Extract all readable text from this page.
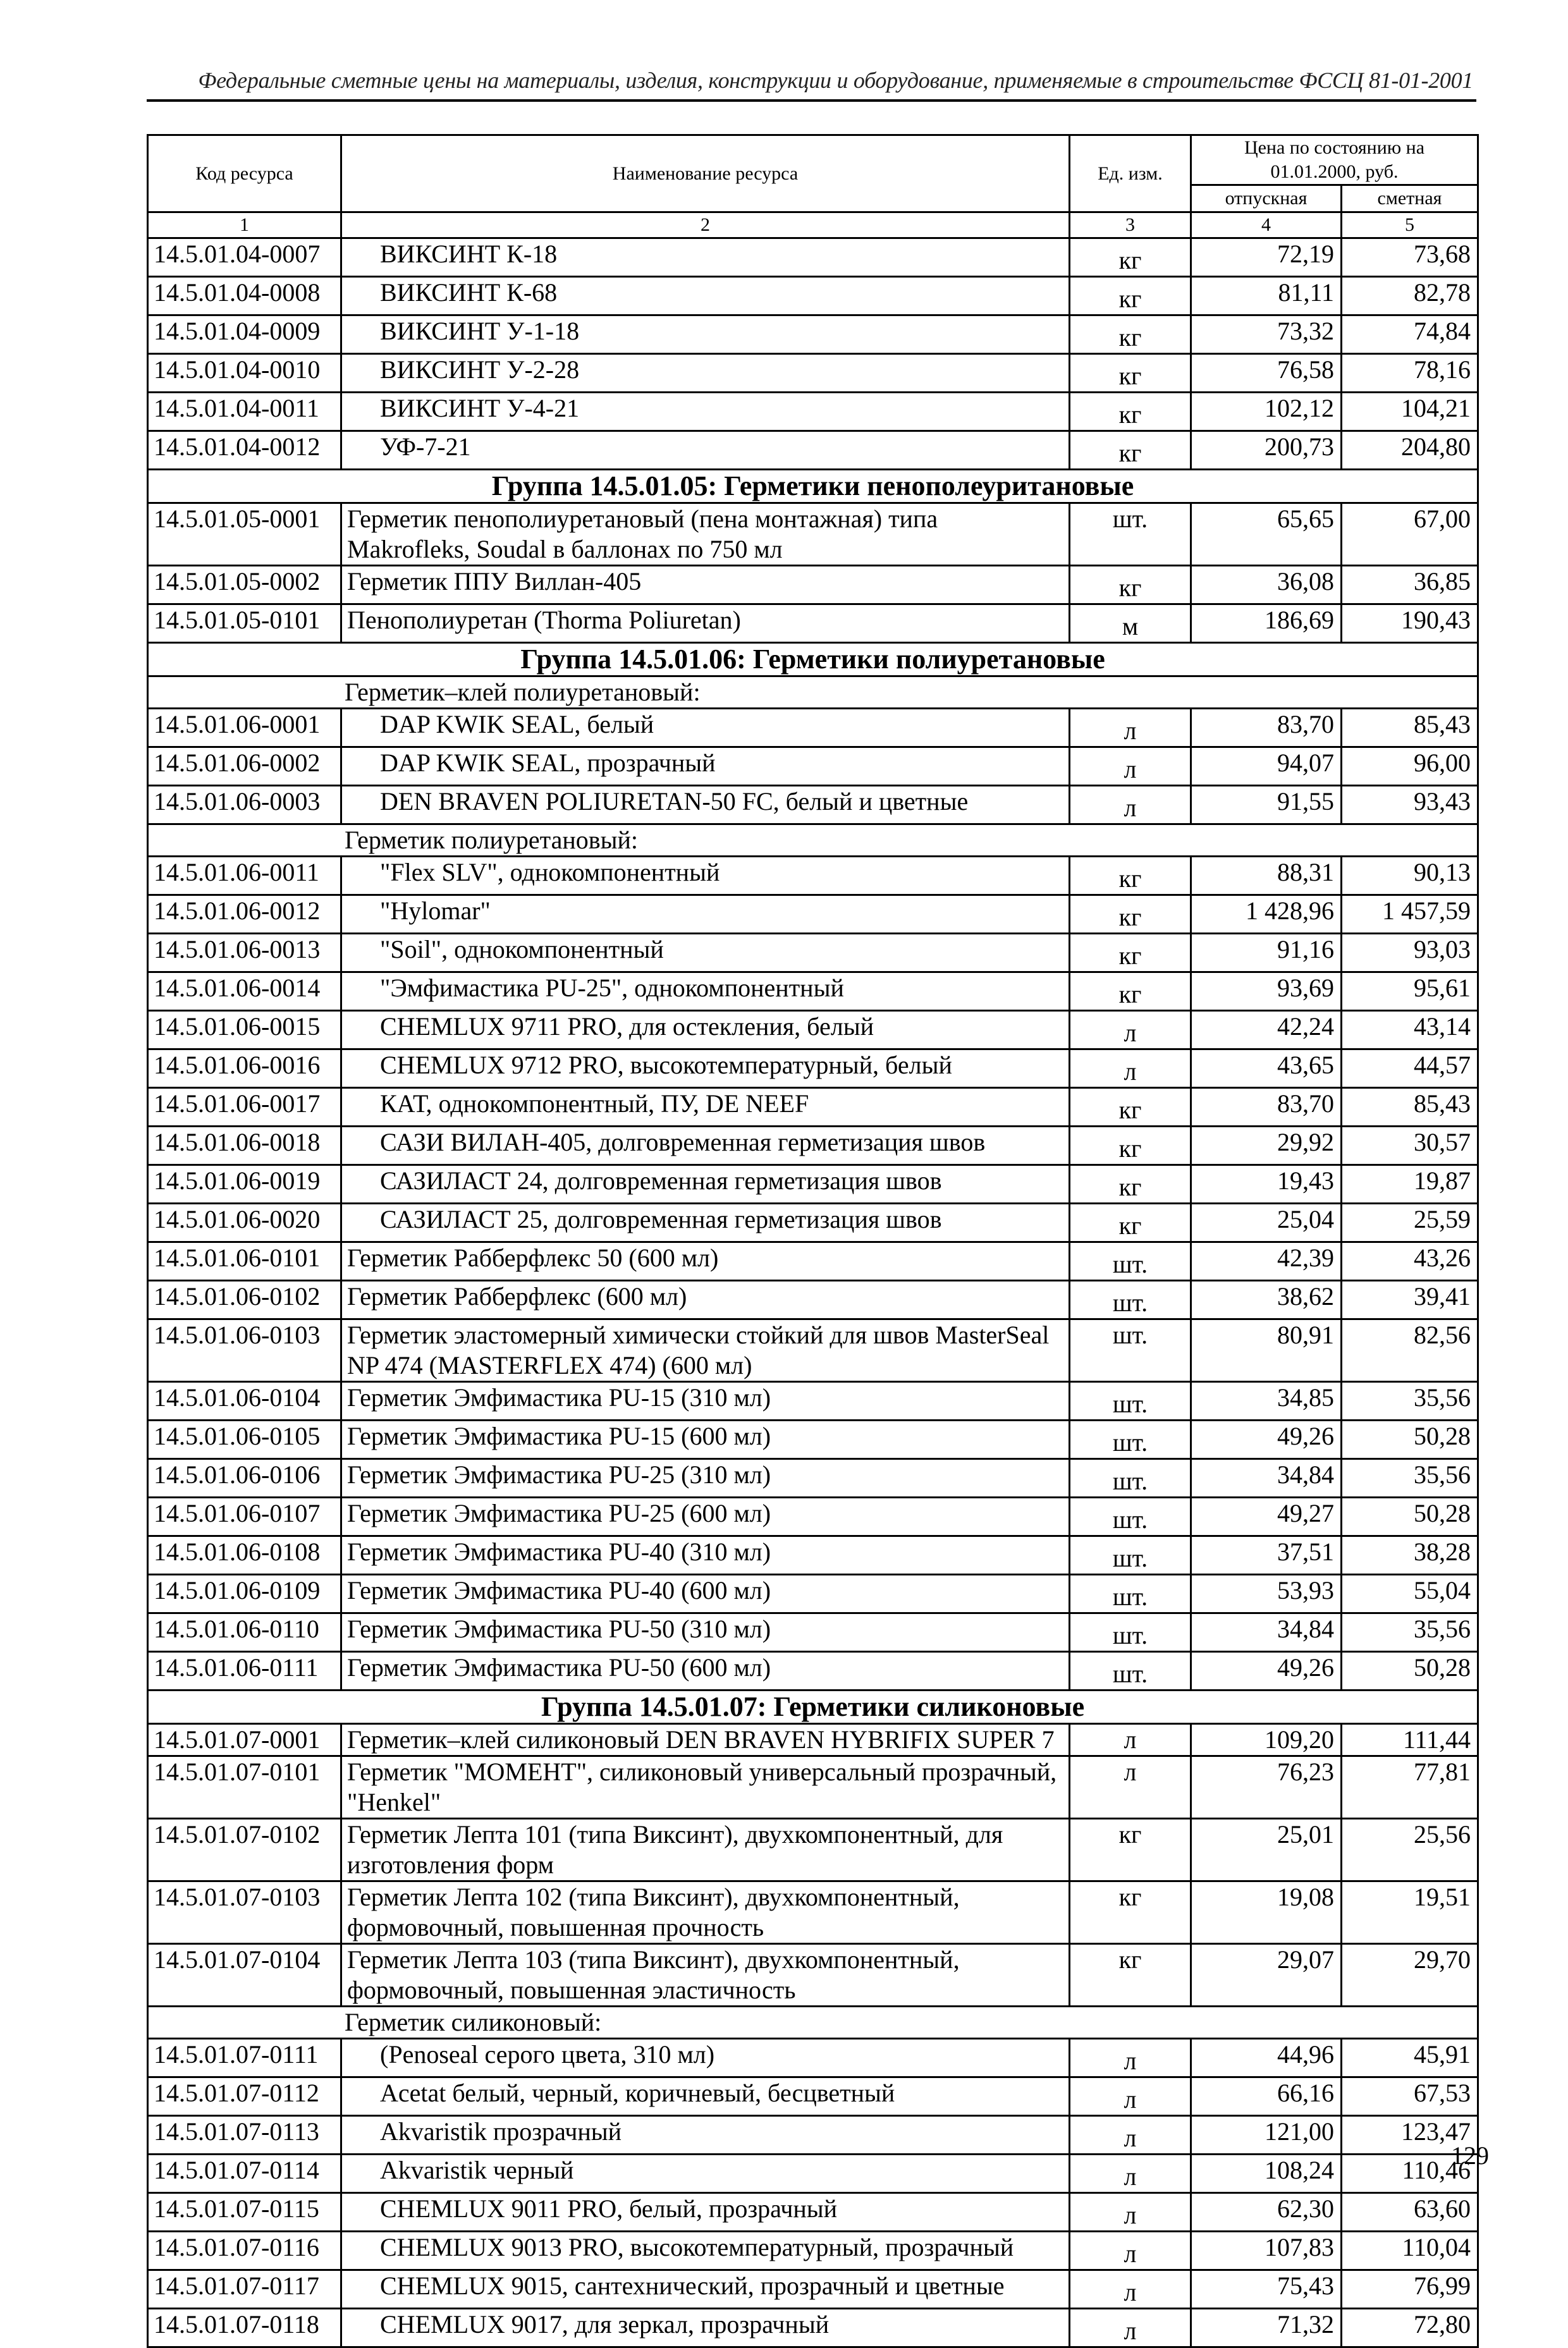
Федеральные сметные цены на материалы, изделия, конструкции и оборудование, применяемые в строительстве ФССЦ 81-01-2001
Код ресурса	Наименование ресурса	Ед. изм.	Цена по состоянию на 01.01.2000, руб.	
			отпускная	сметная
1	2	3	4	5
14.5.01.04-0007	ВИКСИНТ К-18	кг	72,19	73,68
14.5.01.04-0008	ВИКСИНТ К-68	кг	81,11	82,78
14.5.01.04-0009	ВИКСИНТ У-1-18	кг	73,32	74,84
14.5.01.04-0010	ВИКСИНТ У-2-28	кг	76,58	78,16
14.5.01.04-0011	ВИКСИНТ У-4-21	кг	102,12	104,21
14.5.01.04-0012	УФ-7-21	кг	200,73	204,80
Группа 14.5.01.05: Герметики пенополеуритановые				
14.5.01.05-0001	Герметик пенополиуретановый (пена монтажная) типа Makrofleks, Soudal в баллонах по 750 мл	шт.	65,65	67,00
14.5.01.05-0002	Герметик ППУ Виллан-405	кг	36,08	36,85
14.5.01.05-0101	Пенополиуретан (Thorma Poliuretan)	м	186,69	190,43
Группа 14.5.01.06: Герметики полиуретановые				
Герметик–клей полиуретановый:				
14.5.01.06-0001	DAP KWIK SEAL, белый	л	83,70	85,43
14.5.01.06-0002	DAP KWIK SEAL, прозрачный	л	94,07	96,00
14.5.01.06-0003	DEN BRAVEN POLIURETAN-50 FC, белый и цветные	л	91,55	93,43
Герметик полиуретановый:				
14.5.01.06-0011	"Flex SLV", однокомпонентный	кг	88,31	90,13
14.5.01.06-0012	"Hylomar"	кг	1 428,96	1 457,59
14.5.01.06-0013	"Soil", однокомпонентный	кг	91,16	93,03
14.5.01.06-0014	"Эмфимастика PU-25", однокомпонентный	кг	93,69	95,61
14.5.01.06-0015	CHEMLUX 9711 PRO, для остекления, белый	л	42,24	43,14
14.5.01.06-0016	CHEMLUX 9712 PRO, высокотемпературный, белый	л	43,65	44,57
14.5.01.06-0017	КАТ, однокомпонентный, ПУ, DE NEEF	кг	83,70	85,43
14.5.01.06-0018	САЗИ ВИЛАН-405, долговременная герметизация швов	кг	29,92	30,57
14.5.01.06-0019	САЗИЛАСТ 24, долговременная герметизация швов	кг	19,43	19,87
14.5.01.06-0020	САЗИЛАСТ 25, долговременная герметизация швов	кг	25,04	25,59
14.5.01.06-0101	Герметик Рабберфлекс 50 (600 мл)	шт.	42,39	43,26
14.5.01.06-0102	Герметик Рабберфлекс (600 мл)	шт.	38,62	39,41
14.5.01.06-0103	Герметик эластомерный химически стойкий для швов MasterSeal NP 474 (MASTERFLEX 474) (600 мл)	шт.	80,91	82,56
14.5.01.06-0104	Герметик Эмфимастика PU-15 (310 мл)	шт.	34,85	35,56
14.5.01.06-0105	Герметик Эмфимастика PU-15 (600 мл)	шт.	49,26	50,28
14.5.01.06-0106	Герметик Эмфимастика PU-25 (310 мл)	шт.	34,84	35,56
14.5.01.06-0107	Герметик Эмфимастика PU-25 (600 мл)	шт.	49,27	50,28
14.5.01.06-0108	Герметик Эмфимастика PU-40 (310 мл)	шт.	37,51	38,28
14.5.01.06-0109	Герметик Эмфимастика PU-40 (600 мл)	шт.	53,93	55,04
14.5.01.06-0110	Герметик Эмфимастика PU-50 (310 мл)	шт.	34,84	35,56
14.5.01.06-0111	Герметик Эмфимастика PU-50 (600 мл)	шт.	49,26	50,28
Группа 14.5.01.07: Герметики силиконовые				
14.5.01.07-0001	Герметик–клей силиконовый DEN BRAVEN HYBRIFIX SUPER 7	л	109,20	111,44
14.5.01.07-0101	Герметик "МОМЕНТ", силиконовый универсальный прозрачный, "Henkel"	л	76,23	77,81
14.5.01.07-0102	Герметик Лепта 101 (типа Виксинт), двухкомпонентный, для изготовления форм	кг	25,01	25,56
14.5.01.07-0103	Герметик Лепта 102 (типа Виксинт), двухкомпонентный, формовочный, повышенная прочность	кг	19,08	19,51
14.5.01.07-0104	Герметик Лепта 103 (типа Виксинт), двухкомпонентный, формовочный, повышенная эластичность	кг	29,07	29,70
Герметик силиконовый:				
14.5.01.07-0111	(Penoseal серого цвета, 310 мл)	л	44,96	45,91
14.5.01.07-0112	Acetat белый, черный, коричневый, бесцветный	л	66,16	67,53
14.5.01.07-0113	Akvaristik прозрачный	л	121,00	123,47
14.5.01.07-0114	Akvaristik черный	л	108,24	110,46
14.5.01.07-0115	CHEMLUX 9011 PRO, белый, прозрачный	л	62,30	63,60
14.5.01.07-0116	CHEMLUX 9013 PRO, высокотемпературный, прозрачный	л	107,83	110,04
14.5.01.07-0117	CHEMLUX 9015, сантехнический, прозрачный и цветные	л	75,43	76,99
14.5.01.07-0118	CHEMLUX 9017, для зеркал, прозрачный	л	71,32	72,80
129
